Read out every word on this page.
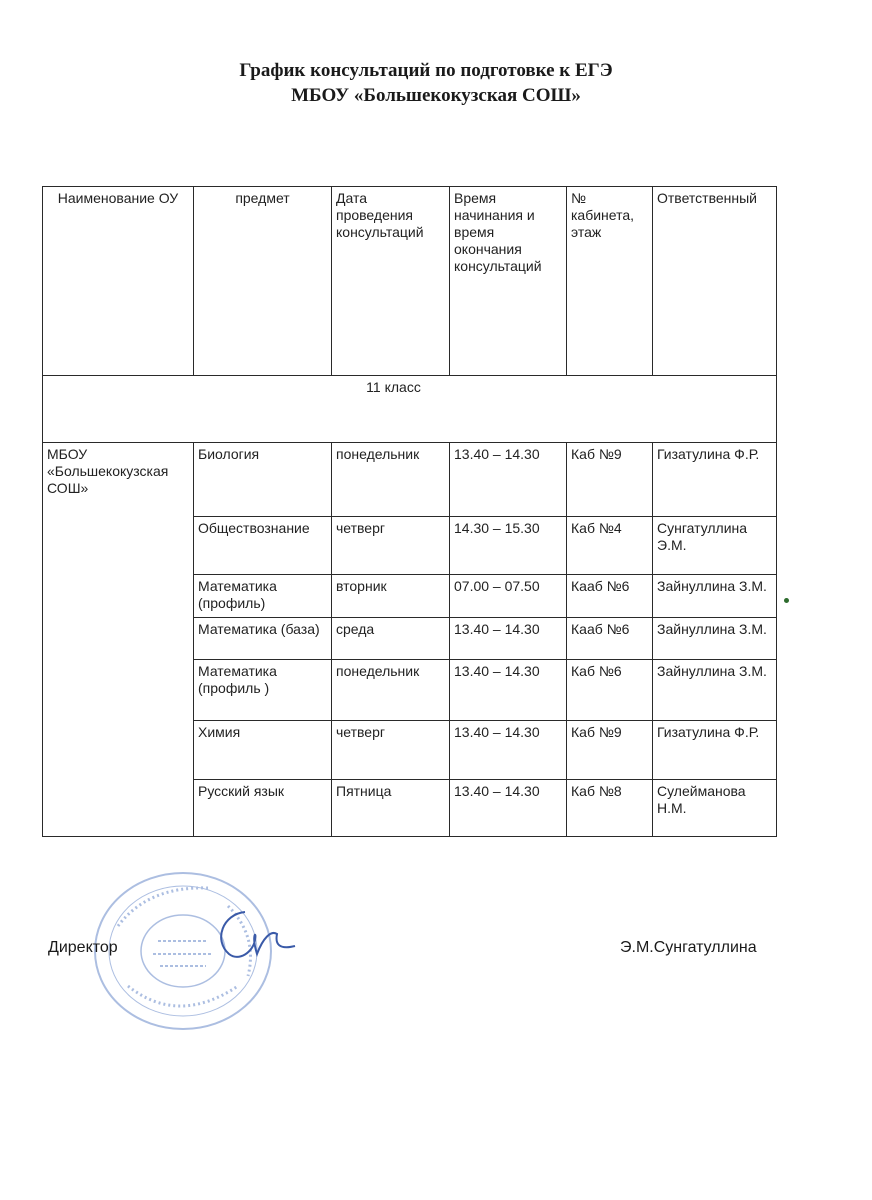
График консультаций по подготовке к ЕГЭ
МБОУ «Большекокузская СОШ»
Наименование ОУ	предмет	Дата проведения консультаций	Время начинания и время окончания консультаций	№ кабинета, этаж	Ответственный
11 класс					
МБОУ «Большекокузская СОШ»	Биология	понедельник	13.40 – 14.30	Каб №9	Гизатулина Ф.Р.
	Обществознание	четверг	14.30 – 15.30	Каб №4	Сунгатуллина Э.М.
	Математика (профиль)	вторник	07.00 – 07.50	Кааб №6	Зайнуллина З.М.
	Математика (база)	среда	13.40 – 14.30	Кааб №6	Зайнуллина З.М.
	Математика (профиль )	понедельник	13.40 – 14.30	Каб №6	Зайнуллина З.М.
	Химия	четверг	13.40 – 14.30	Каб №9	Гизатулина Ф.Р.
	Русский язык	Пятница	13.40 – 14.30	Каб №8	Сулейманова Н.М.
Директор	Э.М.Сунгатуллина
